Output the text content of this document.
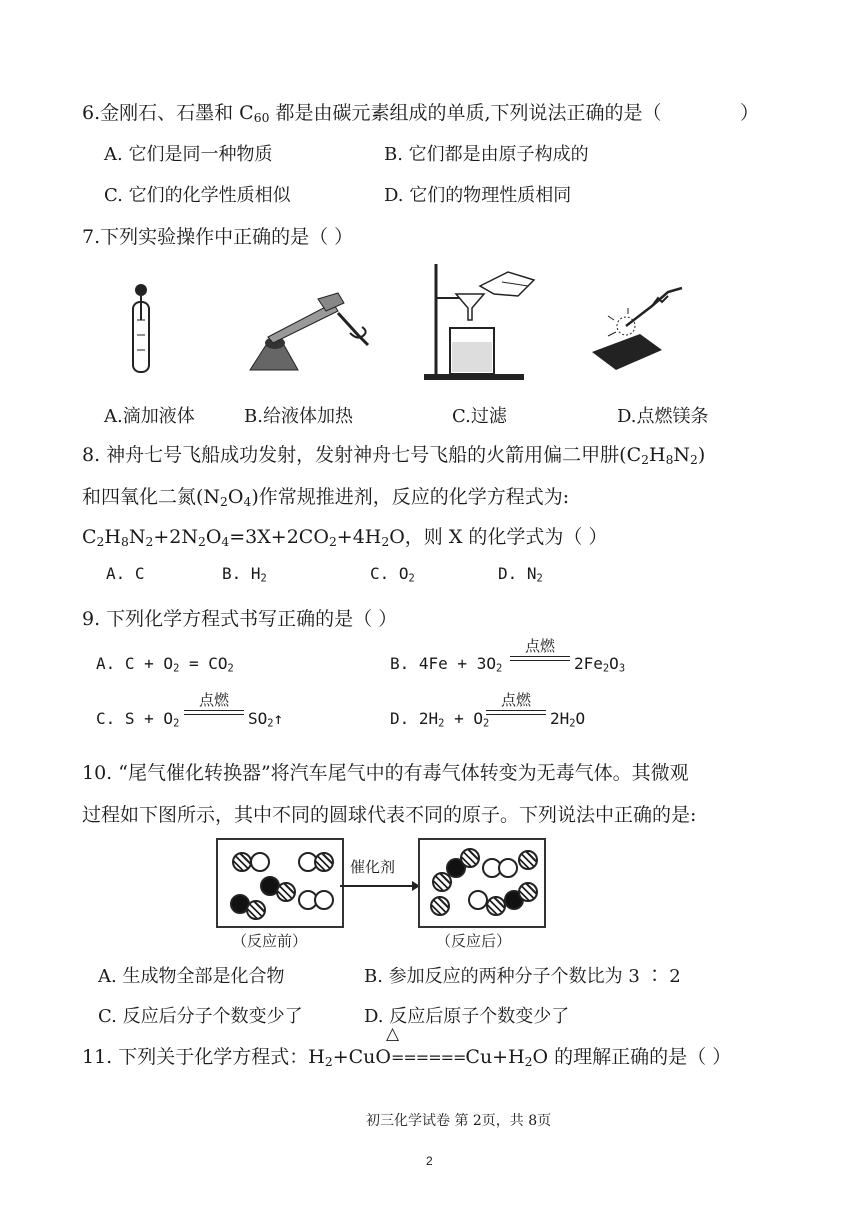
6.金刚石、石墨和 $C_{60}$ 都是由碳元素组成的单质,下列说法正确的是（	）
A. 它们是同一种物质	B. 它们都是由原子构成的
C. 它们的化学性质相似	D. 它们的物理性质相同
7.下列实验操作中正确的是（ ）
A.滴加液体	B.给液体加热	C.过滤	D.点燃镁条
8. 神舟七号飞船成功发射，发射神舟七号飞船的火箭用偏二甲肼$(C_2H_8N_2)$
和四氧化二氮$(N_2O_4)$作常规推进剂，反应的化学方程式为:
$C_2H_8N_2+2N_2O_4=3X+2CO_2+4H_2O$，则 X 的化学式为（ ）
A. C	B. $H_2$	C. $O_2$	D. $N_2$
9. 下列化学方程式书写正确的是（ ）
A. $C + O_2 = CO_2$	B. $4Fe + 3O_2$
点燃
$2Fe_2O_3$
C. $S + O_2$
点燃
$SO_2↑$	D. $2H_2 + O_2$
点燃
$2H_2O$
10. “尾气催化转换器”将汽车尾气中的有毒气体转变为无毒气体。其微观
过程如下图所示，其中不同的圆球代表不同的原子。下列说法中正确的是:
催化剂
（反应前）	（反应后）
A. 生成物全部是化合物	B. 参加反应的两种分子个数比为 3 ∶ 2
C. 反应后分子个数变少了	D. 反应后原子个数变少了
△
11. 下列关于化学方程式：$H_2+CuO======Cu+H_2O$ 的理解正确的是（ ）
初三化学试卷 第 2页，共 8页
2
